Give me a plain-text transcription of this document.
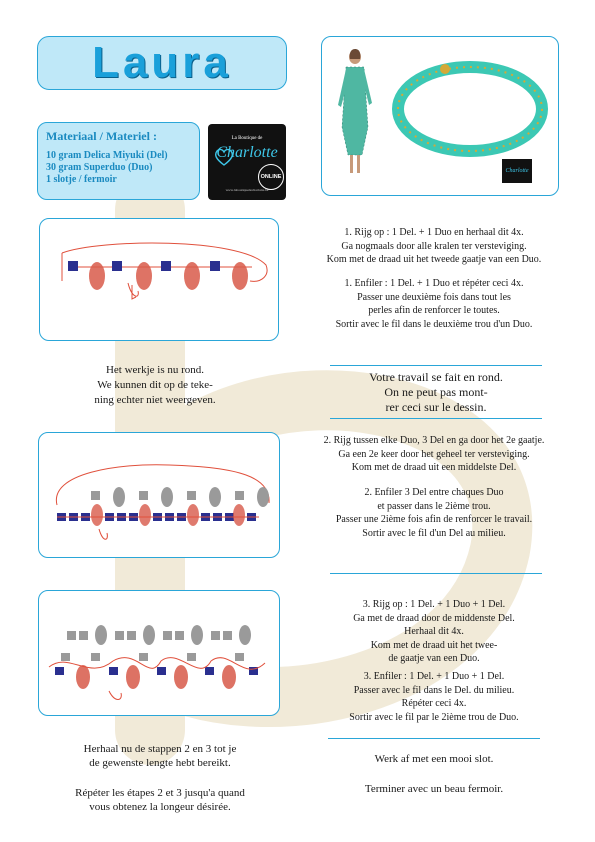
Laura
Materiaal / Materiel :
10 gram Delica Miyuki (Del)
30 gram Superduo (Duo)
1 slotje / fermoir
La Boutique de
Charlotte
ONLINE
www.laboutiquedecharlotte.be
Charlotte
1. Rijg op : 1 Del. + 1 Duo en herhaal dit 4x.
Ga nogmaals door alle kralen ter versteviging.
Kom met de draad uit het tweede gaatje van een Duo.
1. Enfiler : 1 Del. + 1 Duo et répéter ceci 4x.
Passer une deuxième fois dans tout les
perles afin de renforcer le toutes.
Sortir avec le fil dans le deuxième trou d'un Duo.
Het werkje is nu rond.
We kunnen dit op de teke-
ning echter niet weergeven.
Votre travail se fait en rond.
On ne peut pas mont-
rer ceci sur le dessin.
2. Rijg tussen elke Duo, 3 Del en ga door het 2e gaatje.
Ga een 2e keer door het geheel ter versteviging.
Kom met de draad uit een middelste Del.
2. Enfiler 3 Del entre chaques Duo
et passer dans le 2ième trou.
Passer une 2ième fois afin de renforcer le travail.
Sortir avec le fil d'un Del au milieu.
3. Rijg op : 1 Del. + 1 Duo + 1 Del.
Ga met de draad door de middenste Del.
Herhaal dit 4x.
Kom met de draad uit het twee-
de gaatje van een Duo.
3. Enfiler : 1 Del. + 1 Duo + 1 Del.
Passer avec le fil dans le Del. du milieu.
Répéter ceci 4x.
Sortir avec le fil par le 2ième trou de Duo.
Herhaal nu de stappen 2 en 3 tot je
de gewenste lengte hebt bereikt.
Répéter les étapes 2 et 3 jusqu'a quand
vous obtenez la longeur désirée.
Werk af met een mooi slot.
Terminer avec un beau fermoir.
